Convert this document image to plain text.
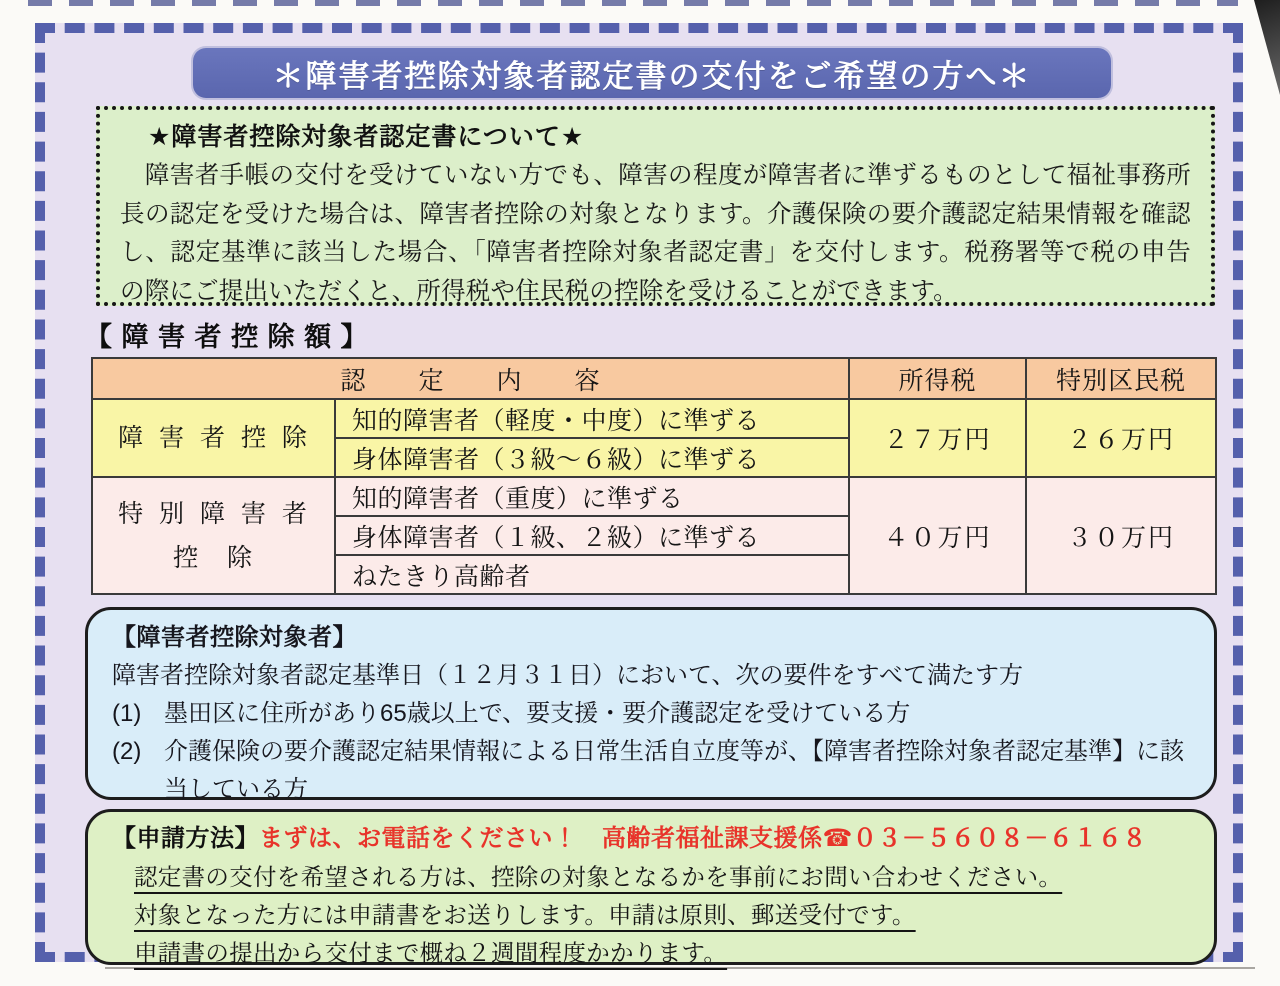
＊障害者控除対象者認定書の交付をご希望の方へ＊
★障害者控除対象者認定書について★
　障害者手帳の交付を受けていない方でも、障害の程度が障害者に準ずるものとして福祉事務所長の認定を受けた場合は、障害者控除の対象となります。介護保険の要介護認定結果情報を確認し、認定基準に該当した場合、「障害者控除対象者認定書」を交付します。税務署等で税の申告の際にご提出いただくと、所得税や住民税の控除を受けることができます。
【 障 害 者 控 除 額 】
認　　定　　内　　容		所得税	特別区民税
障 害 者 控 除	知的障害者（軽度・中度）に準ずる	２７万円	２６万円
	身体障害者（３級～６級）に準ずる		

特 別 障 害 者
控　除	知的障害者（重度）に準ずる	４０万円	３０万円
	身体障害者（１級、２級）に準ずる		
	ねたきり高齢者		
【障害者控除対象者】
障害者控除対象者認定基準日（１２月３１日）において、次の要件をすべて満たす方
(1) 墨田区に住所があり65歳以上で、要支援・要介護認定を受けている方
(2) 介護保険の要介護認定結果情報による日常生活自立度等が、【障害者控除対象者認定基準】に該当している方
【申請方法】まずは、お電話をください！　高齢者福祉課支援係☎０３－５６０８－６１６８
認定書の交付を希望される方は、控除の対象となるかを事前にお問い合わせください。
対象となった方には申請書をお送りします。申請は原則、郵送受付です。
申請書の提出から交付まで概ね２週間程度かかります。
